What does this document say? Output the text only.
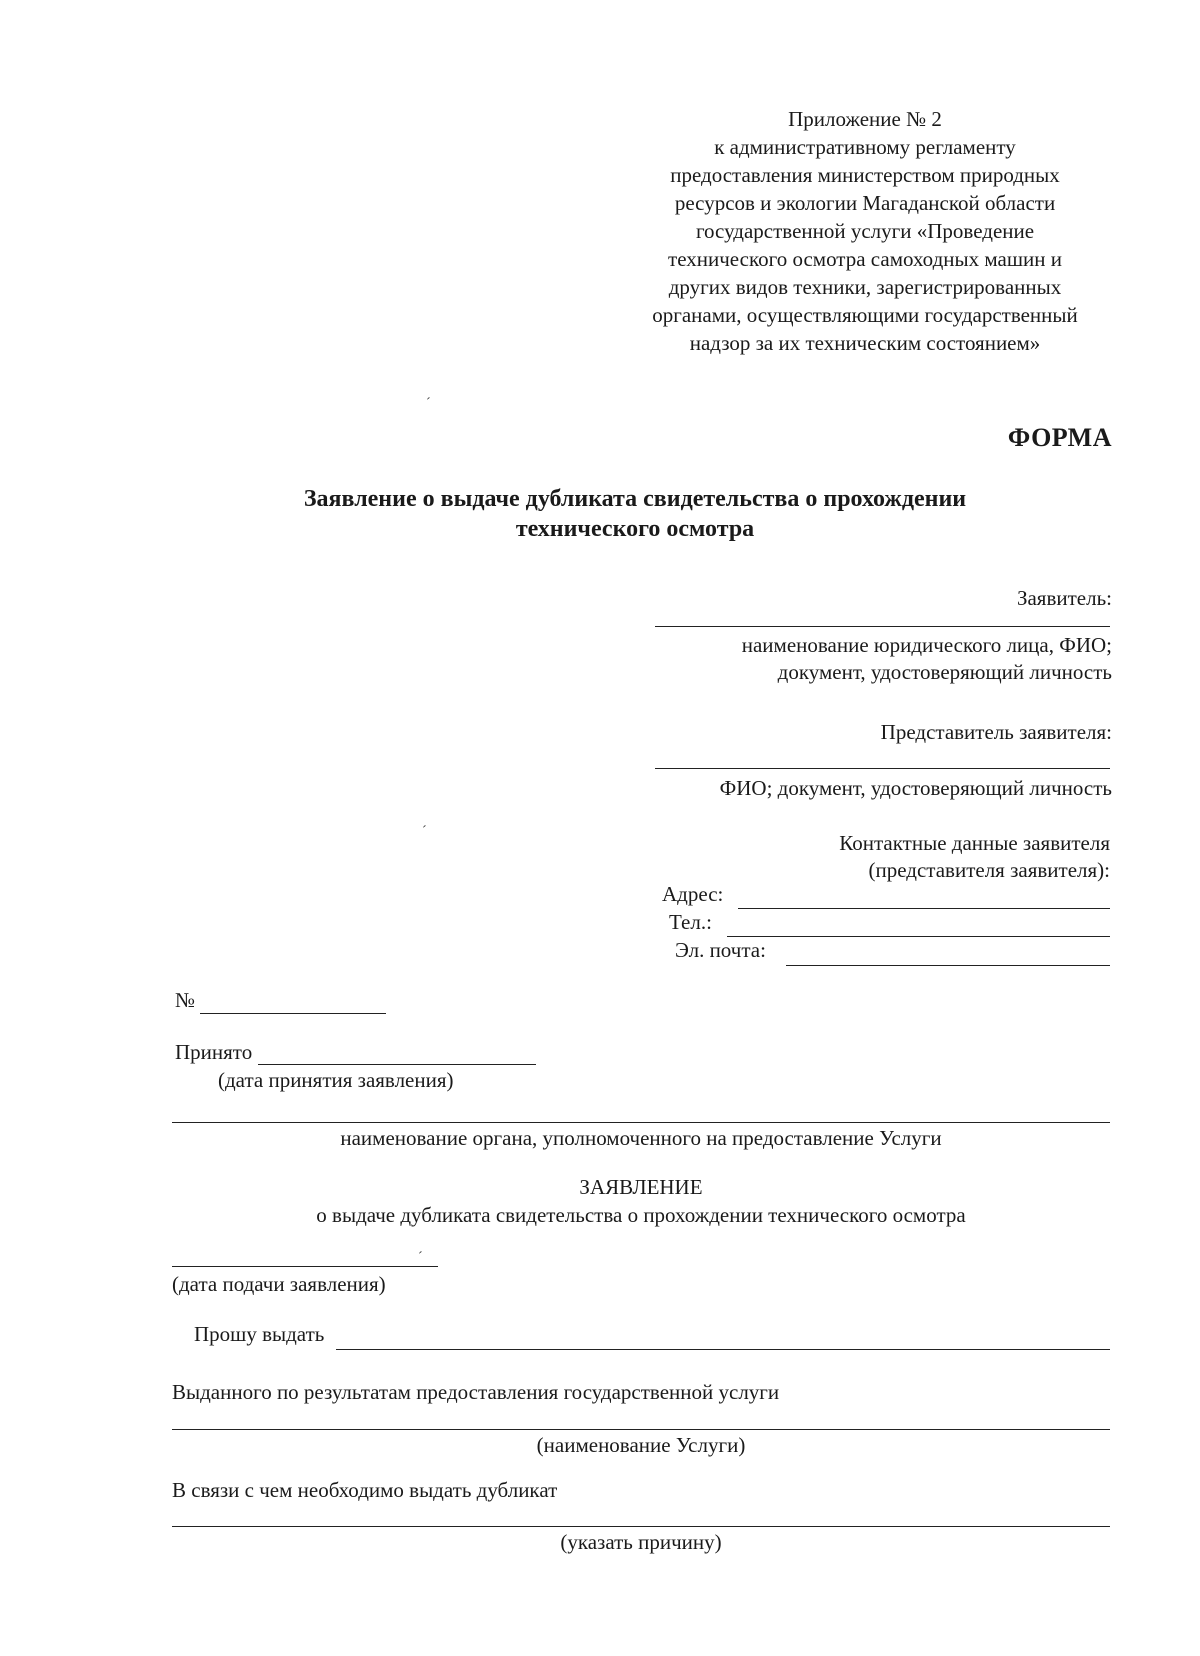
Приложение № 2
к административному регламенту
предоставления министерством природных
ресурсов и экологии Магаданской области
государственной услуги «Проведение
технического осмотра самоходных машин и
других видов техники, зарегистрированных
органами, осуществляющими государственный
надзор за их техническим состоянием»
´
ФОРМА
Заявление о выдаче дубликата свидетельства о прохождении
технического осмотра
Заявитель:
наименование юридического лица, ФИО;
документ, удостоверяющий личность
Представитель заявителя:
ФИО; документ, удостоверяющий личность
´	Контактные данные заявителя
(представителя заявителя):
Адрес:
Тел.:
Эл. почта:
№
Принято
(дата принятия заявления)
наименование органа, уполномоченного на предоставление Услуги
ЗАЯВЛЕНИЕ
о выдаче дубликата свидетельства о прохождении технического осмотра
´
(дата подачи заявления)
Прошу выдать
Выданного по результатам предоставления государственной услуги
(наименование Услуги)
В связи с чем необходимо выдать дубликат
(указать причину)
